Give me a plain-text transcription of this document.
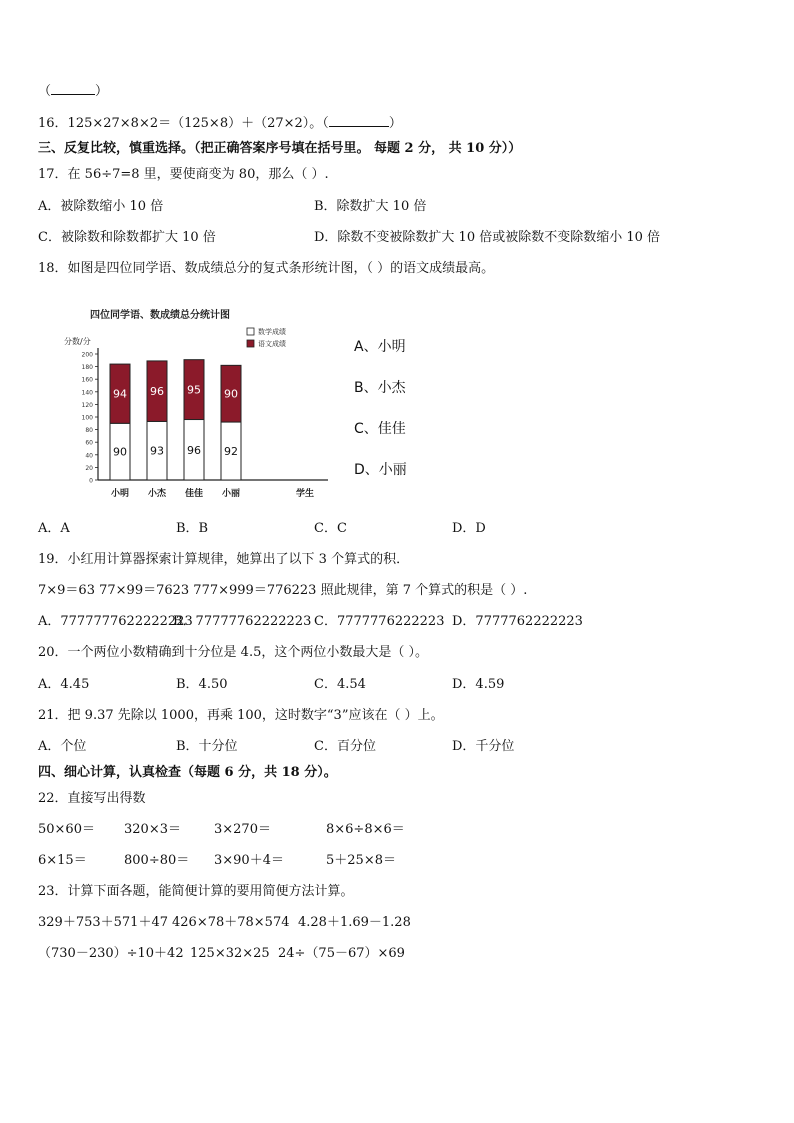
（	）
16．125×27×8×2＝（125×8）＋（27×2）。（	）
三、反复比较，慎重选择。（把正确答案序号填在括号里。 每题 2 分， 共 10 分））
17．在 56÷7=8 里，要使商变为 80，那么（ ）.
A．被除数缩小 10 倍	B．除数扩大 10 倍
C．被除数和除数都扩大 10 倍	D．除数不变被除数扩大 10 倍或被除数不变除数缩小 10 倍
18．如图是四位同学语、数成绩总分的复式条形统计图，（ ）的语文成绩最高。
四位同学语、数成绩总分统计图
分数/分
0
20
40
60
80
100
120
140
160
180
200
学生
数学成绩
语文成绩
90
94
小明
93
96
小杰
96
95
佳佳
92
90
小丽
A、小明
B、小杰
C、佳佳
D、小丽
A．A	B．B	C．C	D．D
19．小红用计算器探索计算规律，她算出了以下 3 个算式的积．
7×9＝63 77×99＝7623 777×999＝776223 照此规律，第 7 个算式的积是（ ）.
A．7777777622222223
B．77777762222223 C．7777776222223 D．7777762222223
20．一个两位小数精确到十分位是 4.5，这个两位小数最大是（ ）。
A．4.45	B．4.50	C．4.54	D．4.59
21．把 9.37 先除以 1000，再乘 100，这时数字“3”应该在（ ）上。
A．个位	B．十分位	C．百分位	D．千分位
四、细心计算，认真检查（每题 6 分，共 18 分）。
22．直接写出得数
50×60＝ 320×3＝	3×270＝	8×6÷8×6＝
6×15＝	800÷80＝ 3×90＋4＝	5＋25×8＝
23．计算下面各题，能简便计算的要用简便方法计算。
329＋753＋571＋47 426×78＋78×574 4.28＋1.69－1.28
（730－230）÷10＋42 125×32×25 24÷（75－67）×69
